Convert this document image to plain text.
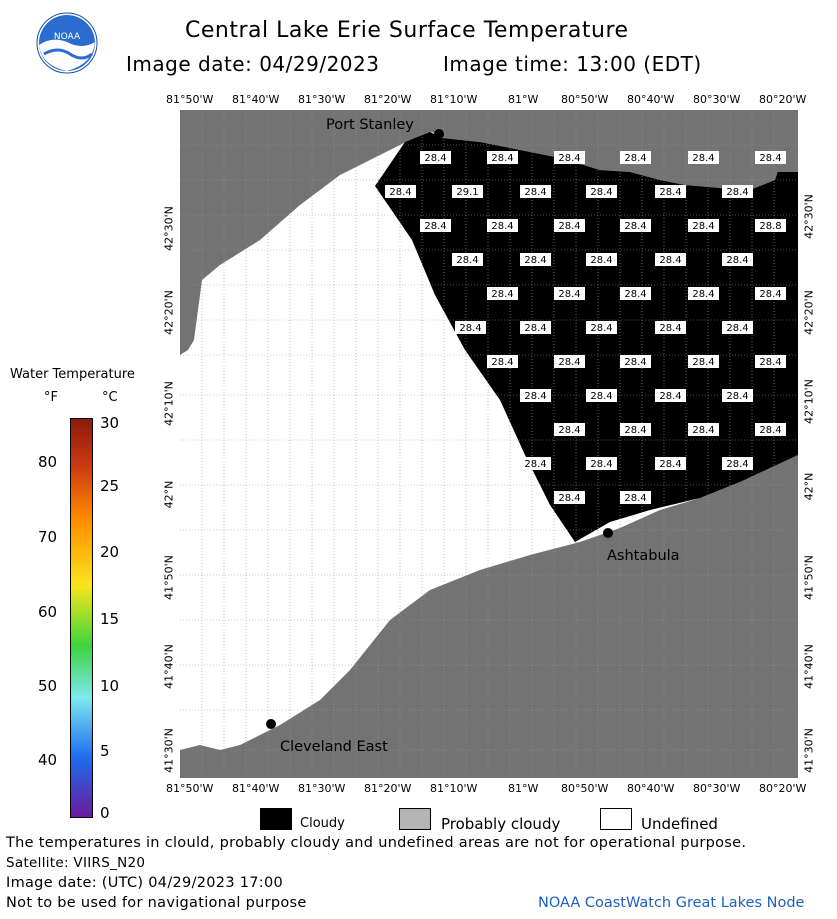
NOAA	Central Lake Erie Surface Temperature
Image date: 04/29/2023	Image time: 13:00 (EDT)
81°50'W 81°40'W 81°30'W 81°20'W 81°10'W	81°W 80°50'W 80°40'W 80°30'W 80°20'W
81°50'W 81°40'W 81°30'W 81°20'W 81°10'W	81°W 80°50'W 80°40'W 80°30'W 80°20'W
42°30'N
42°20'N
42°10'N
42°N
41°50'N
41°40'N
41°30'N
42°30'N
42°20'N
42°10'N
42°N
41°50'N
41°40'N
41°30'N
28.4	28.4	28.4	28.4	28.4	28.4
28.4	29.1	28.4	28.4	28.4	28.4
28.4	28.4	28.4	28.4	28.4	28.8
28.4	28.4	28.4	28.4	28.4
28.4	28.4	28.4	28.4	28.4
28.4	28.4	28.4	28.4	28.4
28.4	28.4	28.4	28.4	28.4
28.4	28.4	28.4	28.4
28.4	28.4	28.4	28.4
28.4	28.4	28.4	28.4
28.4	28.4
Port Stanley
Ashtabula
Cleveland East
Water Temperature
°F	°C
80
70
60
50
40
30
25
20
15
10
5
0
Cloudy	Probably cloudy	Undefined
The temperatures in clould, probably cloudy and undefined areas are not for operational purpose.
Satellite: VIIRS_N20
Image date: (UTC) 04/29/2023 17:00
Not to be used for navigational purpose	NOAA CoastWatch Great Lakes Node
